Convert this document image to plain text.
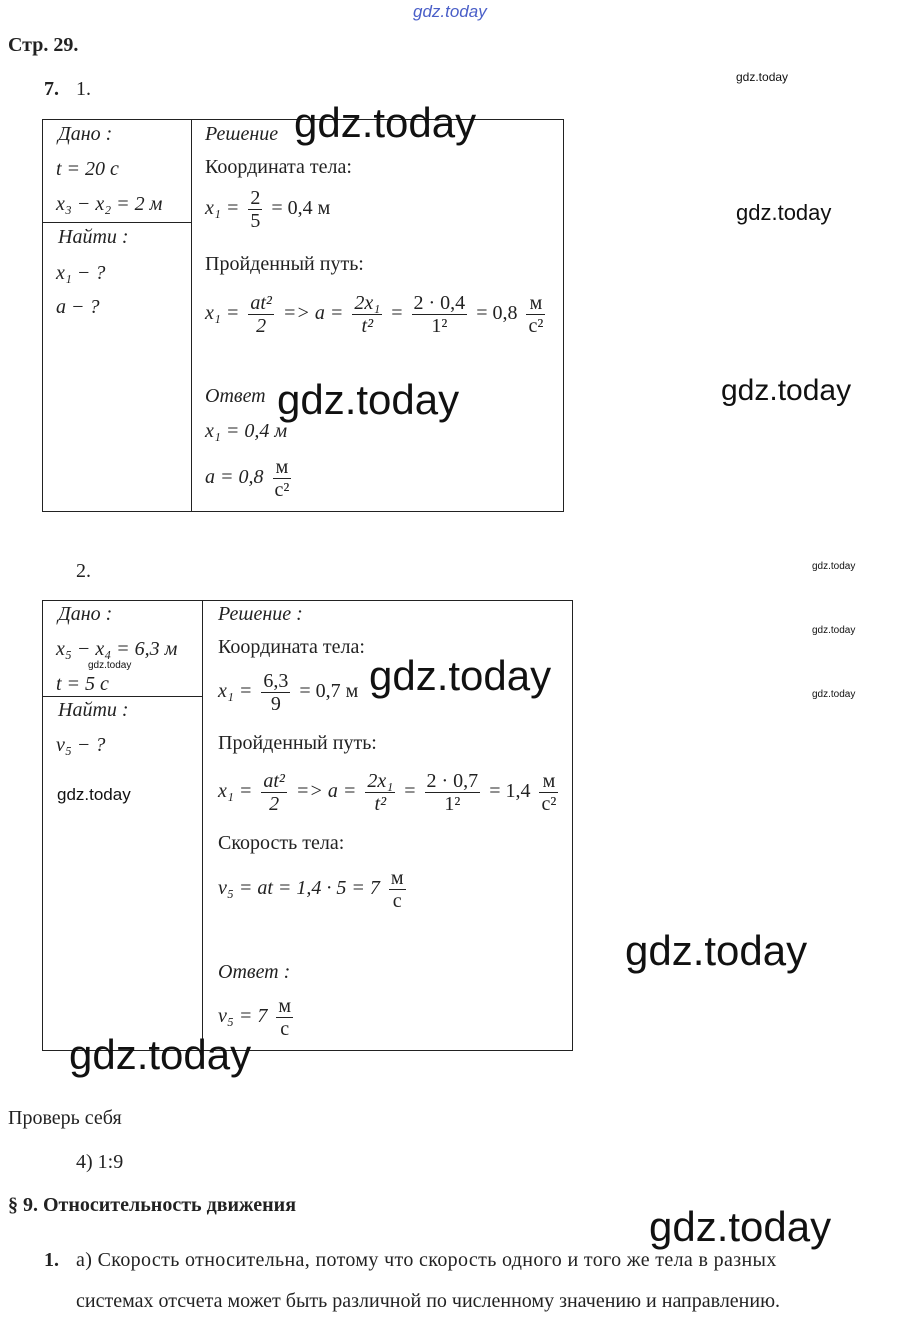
gdz.today
Стр. 29.
7. 1.
Дано :
t = 20 с
x₃ − x₂ = 2 м
Найти :
x₁ − ?
a − ?
Решение
Координата тела:
$x_1 = \frac{2}{5} = 0,4$ м
Пройденный путь:
$x_1 = \frac{\text{at²}}{2} => a = \frac{\text{2x₁}}{\text{t²}} = \frac{2 \cdot 0,4}{\text{1²}} = 0,8 \frac{м}{\text{с²}}$
Ответ
x₁ = 0,4 м
$a = 0,8 \frac{м}{\text{с²}}$
2.
Дано :
x₅ − x₄ = 6,3 м
t = 5 с
Найти :
v₅ − ?
Решение :
Координата тела:
$x_1 = \frac{6,3}{9} = 0,7$ м
Пройденный путь:
$x_1 = \frac{\text{at²}}{2} => a = \frac{\text{2x₁}}{\text{t²}} = \frac{2 \cdot 0,7}{\text{1²}} = 1,4 \frac{м}{\text{с²}}$
Скорость тела:
v₅ = at = $1,4 \cdot 5 = 7 \frac{м}{с}$
Ответ :
$v_5 = 7 \frac{м}{с}$
Проверь себя
4) 1:9
§ 9. Относительность движения
1. а) Скорость относительна, потому что скорость одного и того же тела в разных
системах отсчета может быть различной по численному значению и направлению.
gdz.today
gdz.today
gdz.today
gdz.today	gdz.today
gdz.today
gdz.today
gdz.today
gdz.today	gdz.today
gdz.today
gdz.today
gdz.today
gdz.today
